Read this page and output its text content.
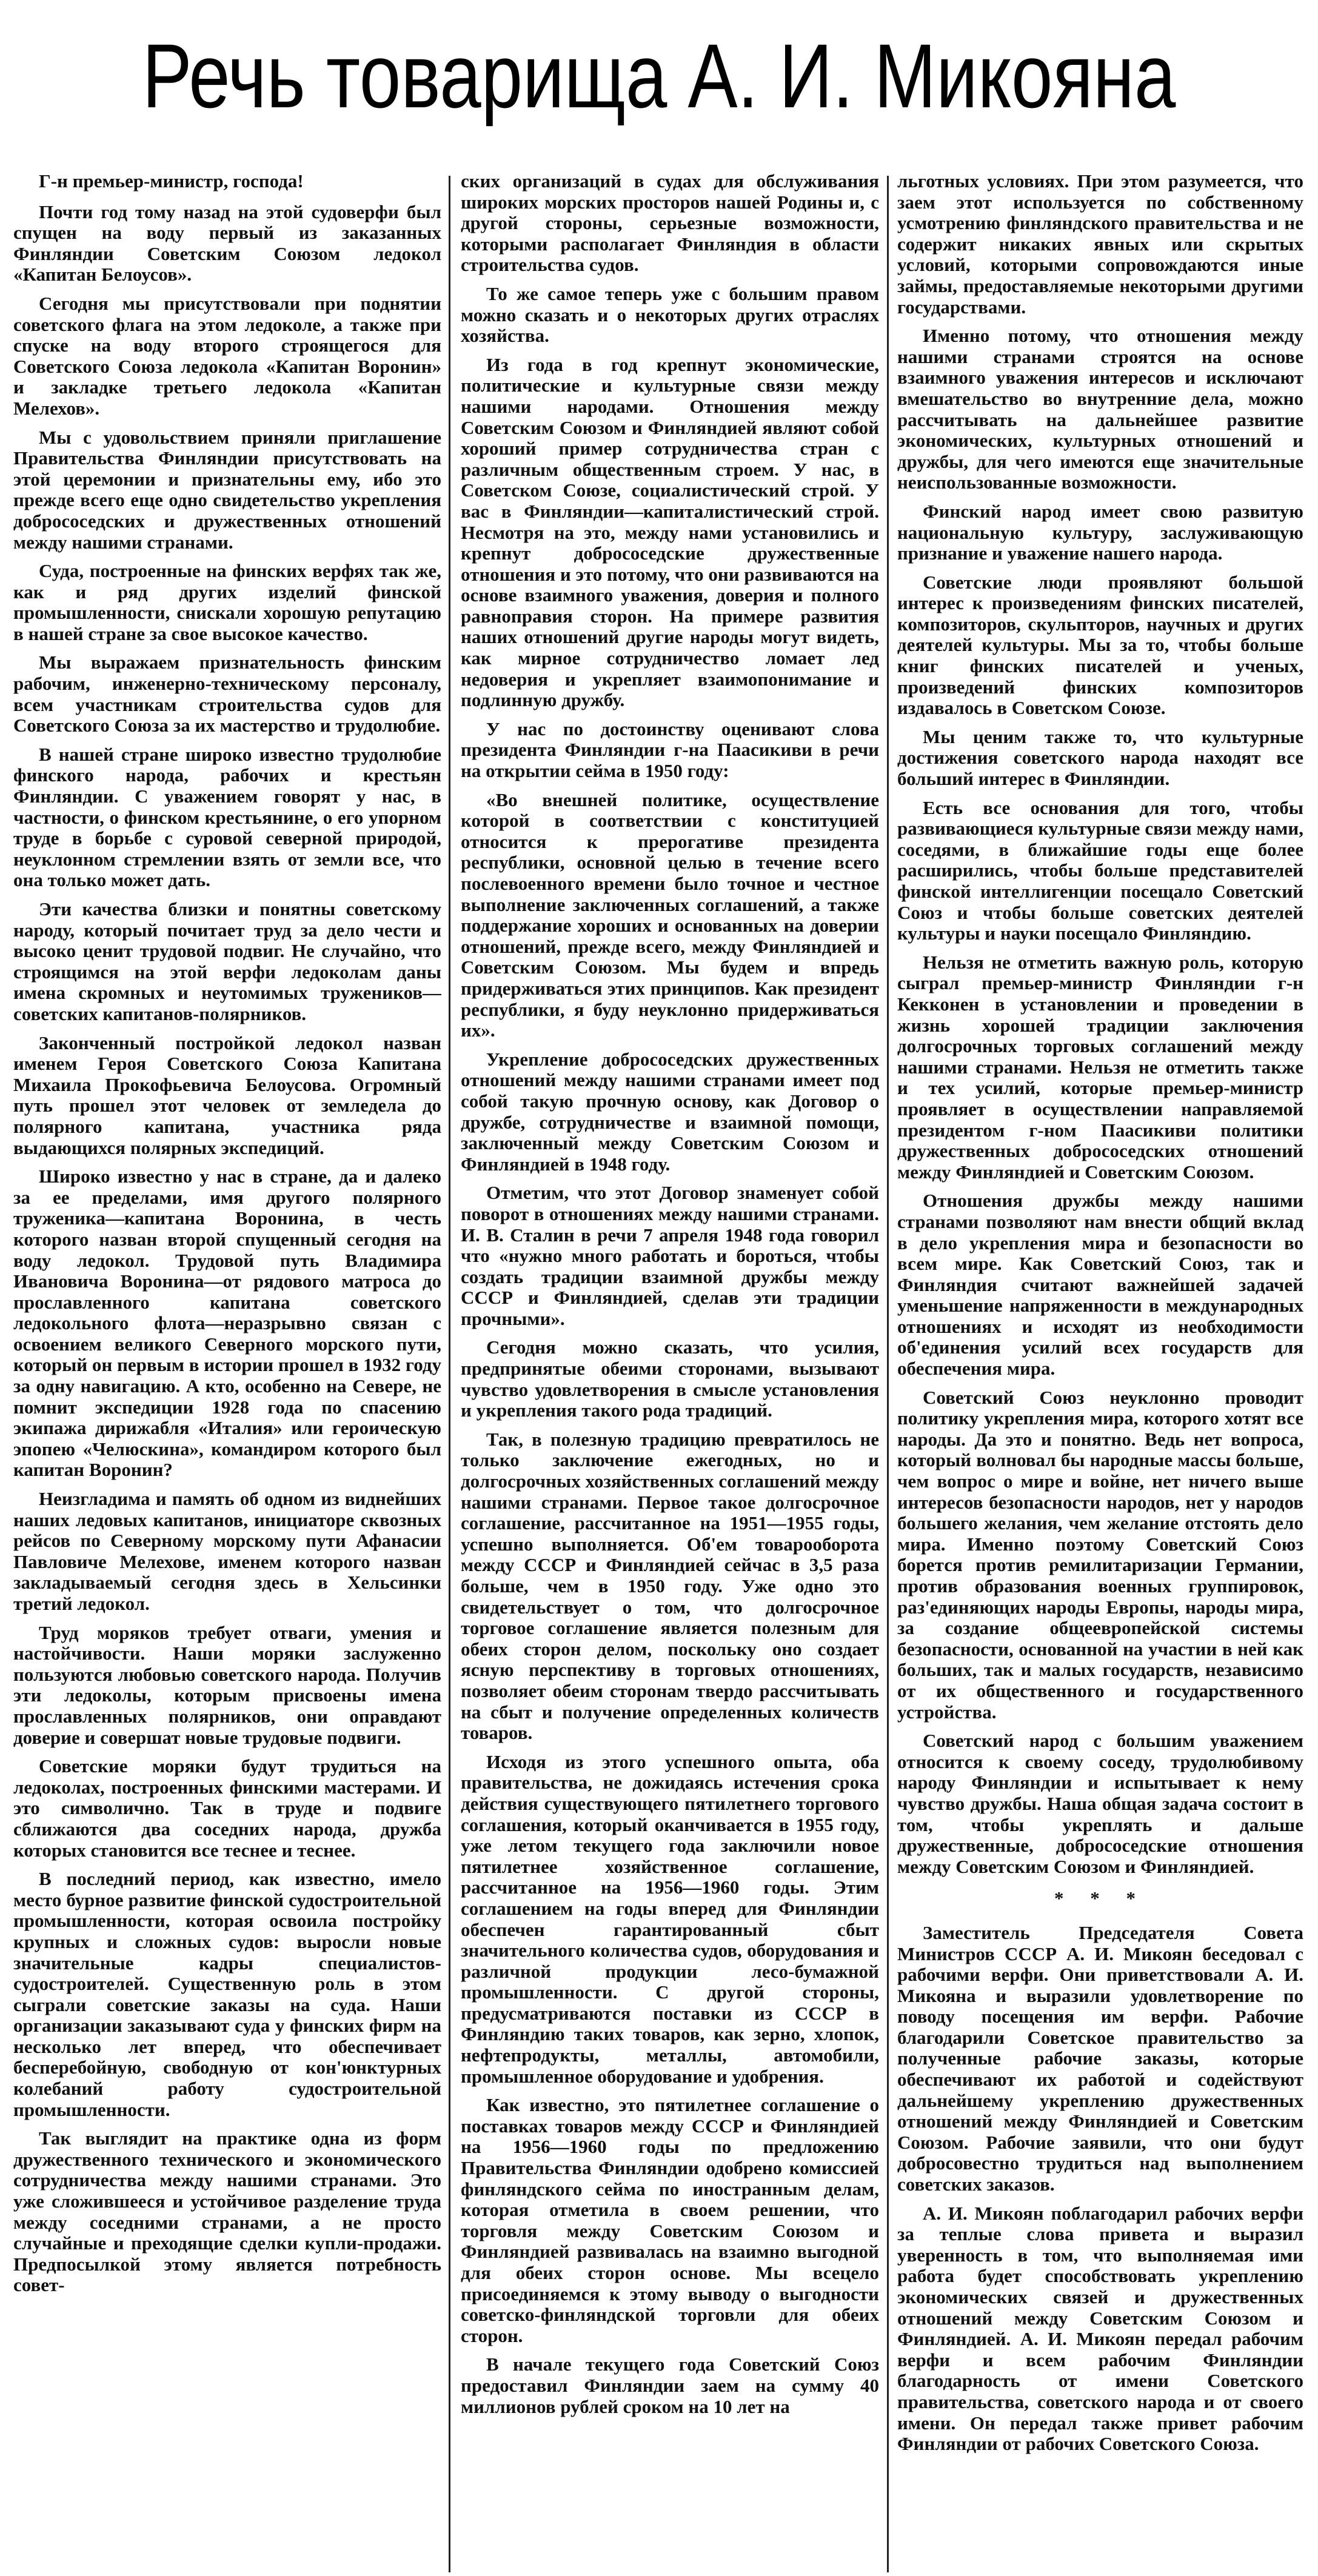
Речь товарища А. И. Микояна

Г-н премьер-министр, господа!

Почти год тому назад на этой судоверфи был спущен на воду первый из заказанных Финляндии Советским Союзом ледокол «Капитан Белоусов».

Сегодня мы присутствовали при поднятии советского флага на этом ледоколе, а также при спуске на воду второго строящегося для Советского Союза ледокола «Капитан Воронин» и закладке третьего ледокола «Капитан Мелехов».

Мы с удовольствием приняли приглашение Правительства Финляндии присутствовать на этой церемонии и признательны ему, ибо это прежде всего еще одно свидетельство укрепления добрососедских и дружественных отношений между нашими странами.

Суда, построенные на финских верфях так же, как и ряд других изделий финской промышленности, снискали хорошую репутацию в нашей стране за свое высокое качество.

Мы выражаем признательность финским рабочим, инженерно-техническому персоналу, всем участникам строительства судов для Советского Союза за их мастерство и трудолюбие.

В нашей стране широко известно трудолюбие финского народа, рабочих и крестьян Финляндии. С уважением говорят у нас, в частности, о финском крестьянине, о его упорном труде в борьбе с суровой северной природой, неуклонном стремлении взять от земли все, что она только может дать.

Эти качества близки и понятны советскому народу, который почитает труд за дело чести и высоко ценит трудовой подвиг. Не случайно, что строящимся на этой верфи ледоколам даны имена скромных и неутомимых тружеников—советских капитанов-полярников.

Законченный постройкой ледокол назван именем Героя Советского Союза Капитана Михаила Прокофьевича Белоусова. Огромный путь прошел этот человек от земледела до полярного капитана, участника ряда выдающихся полярных экспедиций.

Широко известно у нас в стране, да и далеко за ее пределами, имя другого полярного труженика—капитана Воронина, в честь которого назван второй спущенный сегодня на воду ледокол. Трудовой путь Владимира Ивановича Воронина—от рядового матроса до прославленного капитана советского ледокольного флота—неразрывно связан с освоением великого Северного морского пути, который он первым в истории прошел в 1932 году за одну навигацию. А кто, особенно на Севере, не помнит экспедиции 1928 года по спасению экипажа дирижабля «Италия» или героическую эпопею «Челюскина», командиром которого был капитан Воронин?

Неизгладима и память об одном из виднейших наших ледовых капитанов, инициаторе сквозных рейсов по Северному морскому пути Афанасии Павловиче Мелехове, именем которого назван закладываемый сегодня здесь в Хельсинки третий ледокол.

Труд моряков требует отваги, умения и настойчивости. Наши моряки заслуженно пользуются любовью советского народа. Получив эти ледоколы, которым присвоены имена прославленных полярников, они оправдают доверие и совершат новые трудовые подвиги.

Советские моряки будут трудиться на ледоколах, построенных финскими мастерами. И это символично. Так в труде и подвиге сближаются два соседних народа, дружба которых становится все теснее и теснее.

В последний период, как известно, имело место бурное развитие финской судостроительной промышленности, которая освоила постройку крупных и сложных судов: выросли новые значительные кадры специалистов-судостроителей. Существенную роль в этом сыграли советские заказы на суда. Наши организации заказывают суда у финских фирм на несколько лет вперед, что обеспечивает бесперебойную, свободную от кон'юнктурных колебаний работу судостроительной промышленности.

Так выглядит на практике одна из форм дружественного технического и экономического сотрудничества между нашими странами. Это уже сложившееся и устойчивое разделение труда между соседними странами, а не просто случайные и преходящие сделки купли-продажи. Предпосылкой этому является потребность совет-

ских организаций в судах для обслуживания широких морских просторов нашей Родины и, с другой стороны, серьезные возможности, которыми располагает Финляндия в области строительства судов.

То же самое теперь уже с большим правом можно сказать и о некоторых других отраслях хозяйства.

Из года в год крепнут экономические, политические и культурные связи между нашими народами. Отношения между Советским Союзом и Финляндией являют собой хороший пример сотрудничества стран с различным общественным строем. У нас, в Советском Союзе, социалистический строй. У вас в Финляндии—капиталистический строй. Несмотря на это, между нами установились и крепнут добрососедские дружественные отношения и это потому, что они развиваются на основе взаимного уважения, доверия и полного равноправия сторон. На примере развития наших отношений другие народы могут видеть, как мирное сотрудничество ломает лед недоверия и укрепляет взаимопонимание и подлинную дружбу.

У нас по достоинству оценивают слова президента Финляндии г-на Паасикиви в речи на открытии сейма в 1950 году:

«Во внешней политике, осуществление которой в соответствии с конституцией относится к прерогативе президента республики, основной целью в течение всего послевоенного времени было точное и честное выполнение заключенных соглашений, а также поддержание хороших и основанных на доверии отношений, прежде всего, между Финляндией и Советским Союзом. Мы будем и впредь придерживаться этих принципов. Как президент республики, я буду неуклонно придерживаться их».

Укрепление добрососедских дружественных отношений между нашими странами имеет под собой такую прочную основу, как Договор о дружбе, сотрудничестве и взаимной помощи, заключенный между Советским Союзом и Финляндией в 1948 году.

Отметим, что этот Договор знаменует собой поворот в отношениях между нашими странами. И. В. Сталин в речи 7 апреля 1948 года говорил что «нужно много работать и бороться, чтобы создать традиции взаимной дружбы между СССР и Финляндией, сделав эти традиции прочными».

Сегодня можно сказать, что усилия, предпринятые обеими сторонами, вызывают чувство удовлетворения в смысле установления и укрепления такого рода традиций.

Так, в полезную традицию превратилось не только заключение ежегодных, но и долгосрочных хозяйственных соглашений между нашими странами. Первое такое долгосрочное соглашение, рассчитанное на 1951—1955 годы, успешно выполняется. Об'ем товарооборота между СССР и Финляндией сейчас в 3,5 раза больше, чем в 1950 году. Уже одно это свидетельствует о том, что долгосрочное торговое соглашение является полезным для обеих сторон делом, поскольку оно создает ясную перспективу в торговых отношениях, позволяет обеим сторонам твердо рассчитывать на сбыт и получение определенных количеств товаров.

Исходя из этого успешного опыта, оба правительства, не дожидаясь истечения срока действия существующего пятилетнего торгового соглашения, который оканчивается в 1955 году, уже летом текущего года заключили новое пятилетнее хозяйственное соглашение, рассчитанное на 1956—1960 годы. Этим соглашением на годы вперед для Финляндии обеспечен гарантированный сбыт значительного количества судов, оборудования и различной продукции лесо-бумажной промышленности. С другой стороны, предусматриваются поставки из СССР в Финляндию таких товаров, как зерно, хлопок, нефтепродукты, металлы, автомобили, промышленное оборудование и удобрения.

Как известно, это пятилетнее соглашение о поставках товаров между СССР и Финляндией на 1956—1960 годы по предложению Правительства Финляндии одобрено комиссией финляндского сейма по иностранным делам, которая отметила в своем решении, что торговля между Советским Союзом и Финляндией развивалась на взаимно выгодной для обеих сторон основе. Мы всецело присоединяемся к этому выводу о выгодности советско-финляндской торговли для обеих сторон.

В начале текущего года Советский Союз предоставил Финляндии заем на сумму 40 миллионов рублей сроком на 10 лет на

льготных условиях. При этом разумеется, что заем этот используется по собственному усмотрению финляндского правительства и не содержит никаких явных или скрытых условий, которыми сопровождаются иные займы, предоставляемые некоторыми другими государствами.

Именно потому, что отношения между нашими странами строятся на основе взаимного уважения интересов и исключают вмешательство во внутренние дела, можно рассчитывать на дальнейшее развитие экономических, культурных отношений и дружбы, для чего имеются еще значительные неиспользованные возможности.

Финский народ имеет свою развитую национальную культуру, заслуживающую признание и уважение нашего народа.

Советские люди проявляют большой интерес к произведениям финских писателей, композиторов, скульпторов, научных и других деятелей культуры. Мы за то, чтобы больше книг финских писателей и ученых, произведений финских композиторов издавалось в Советском Союзе.

Мы ценим также то, что культурные достижения советского народа находят все больший интерес в Финляндии.

Есть все основания для того, чтобы развивающиеся культурные связи между нами, соседями, в ближайшие годы еще более расширились, чтобы больше представителей финской интеллигенции посещало Советский Союз и чтобы больше советских деятелей культуры и науки посещало Финляндию.

Нельзя не отметить важную роль, которую сыграл премьер-министр Финляндии г-н Кекконен в установлении и проведении в жизнь хорошей традиции заключения долгосрочных торговых соглашений между нашими странами. Нельзя не отметить также и тех усилий, которые премьер-министр проявляет в осуществлении направляемой президентом г-ном Паасикиви политики дружественных добрососедских отношений между Финляндией и Советским Союзом.

Отношения дружбы между нашими странами позволяют нам внести общий вклад в дело укрепления мира и безопасности во всем мире. Как Советский Союз, так и Финляндия считают важнейшей задачей уменьшение напряженности в международных отношениях и исходят из необходимости об'единения усилий всех государств для обеспечения мира.

Советский Союз неуклонно проводит политику укрепления мира, которого хотят все народы. Да это и понятно. Ведь нет вопроса, который волновал бы народные массы больше, чем вопрос о мире и войне, нет ничего выше интересов безопасности народов, нет у народов большего желания, чем желание отстоять дело мира. Именно поэтому Советский Союз борется против ремилитаризации Германии, против образования военных группировок, раз'единяющих народы Европы, народы мира, за создание общеевропейской системы безопасности, основанной на участии в ней как больших, так и малых государств, независимо от их общественного и государственного устройства.

Советский народ с большим уважением относится к своему соседу, трудолюбивому народу Финляндии и испытывает к нему чувство дружбы. Наша общая задача состоит в том, чтобы укреплять и дальше дружественные, добрососедские отношения между Советским Союзом и Финляндией.

* * *

Заместитель Председателя Совета Министров СССР А. И. Микоян беседовал с рабочими верфи. Они приветствовали А. И. Микояна и выразили удовлетворение по поводу посещения им верфи. Рабочие благодарили Советское правительство за полученные рабочие заказы, которые обеспечивают их работой и содействуют дальнейшему укреплению дружественных отношений между Финляндией и Советским Союзом. Рабочие заявили, что они будут добросовестно трудиться над выполнением советских заказов.

А. И. Микоян поблагодарил рабочих верфи за теплые слова привета и выразил уверенность в том, что выполняемая ими работа будет способствовать укреплению экономических связей и дружественных отношений между Советским Союзом и Финляндией. А. И. Микоян передал рабочим верфи и всем рабочим Финляндии благодарность от имени Советского правительства, советского народа и от своего имени. Он передал также привет рабочим Финляндии от рабочих Советского Союза.
